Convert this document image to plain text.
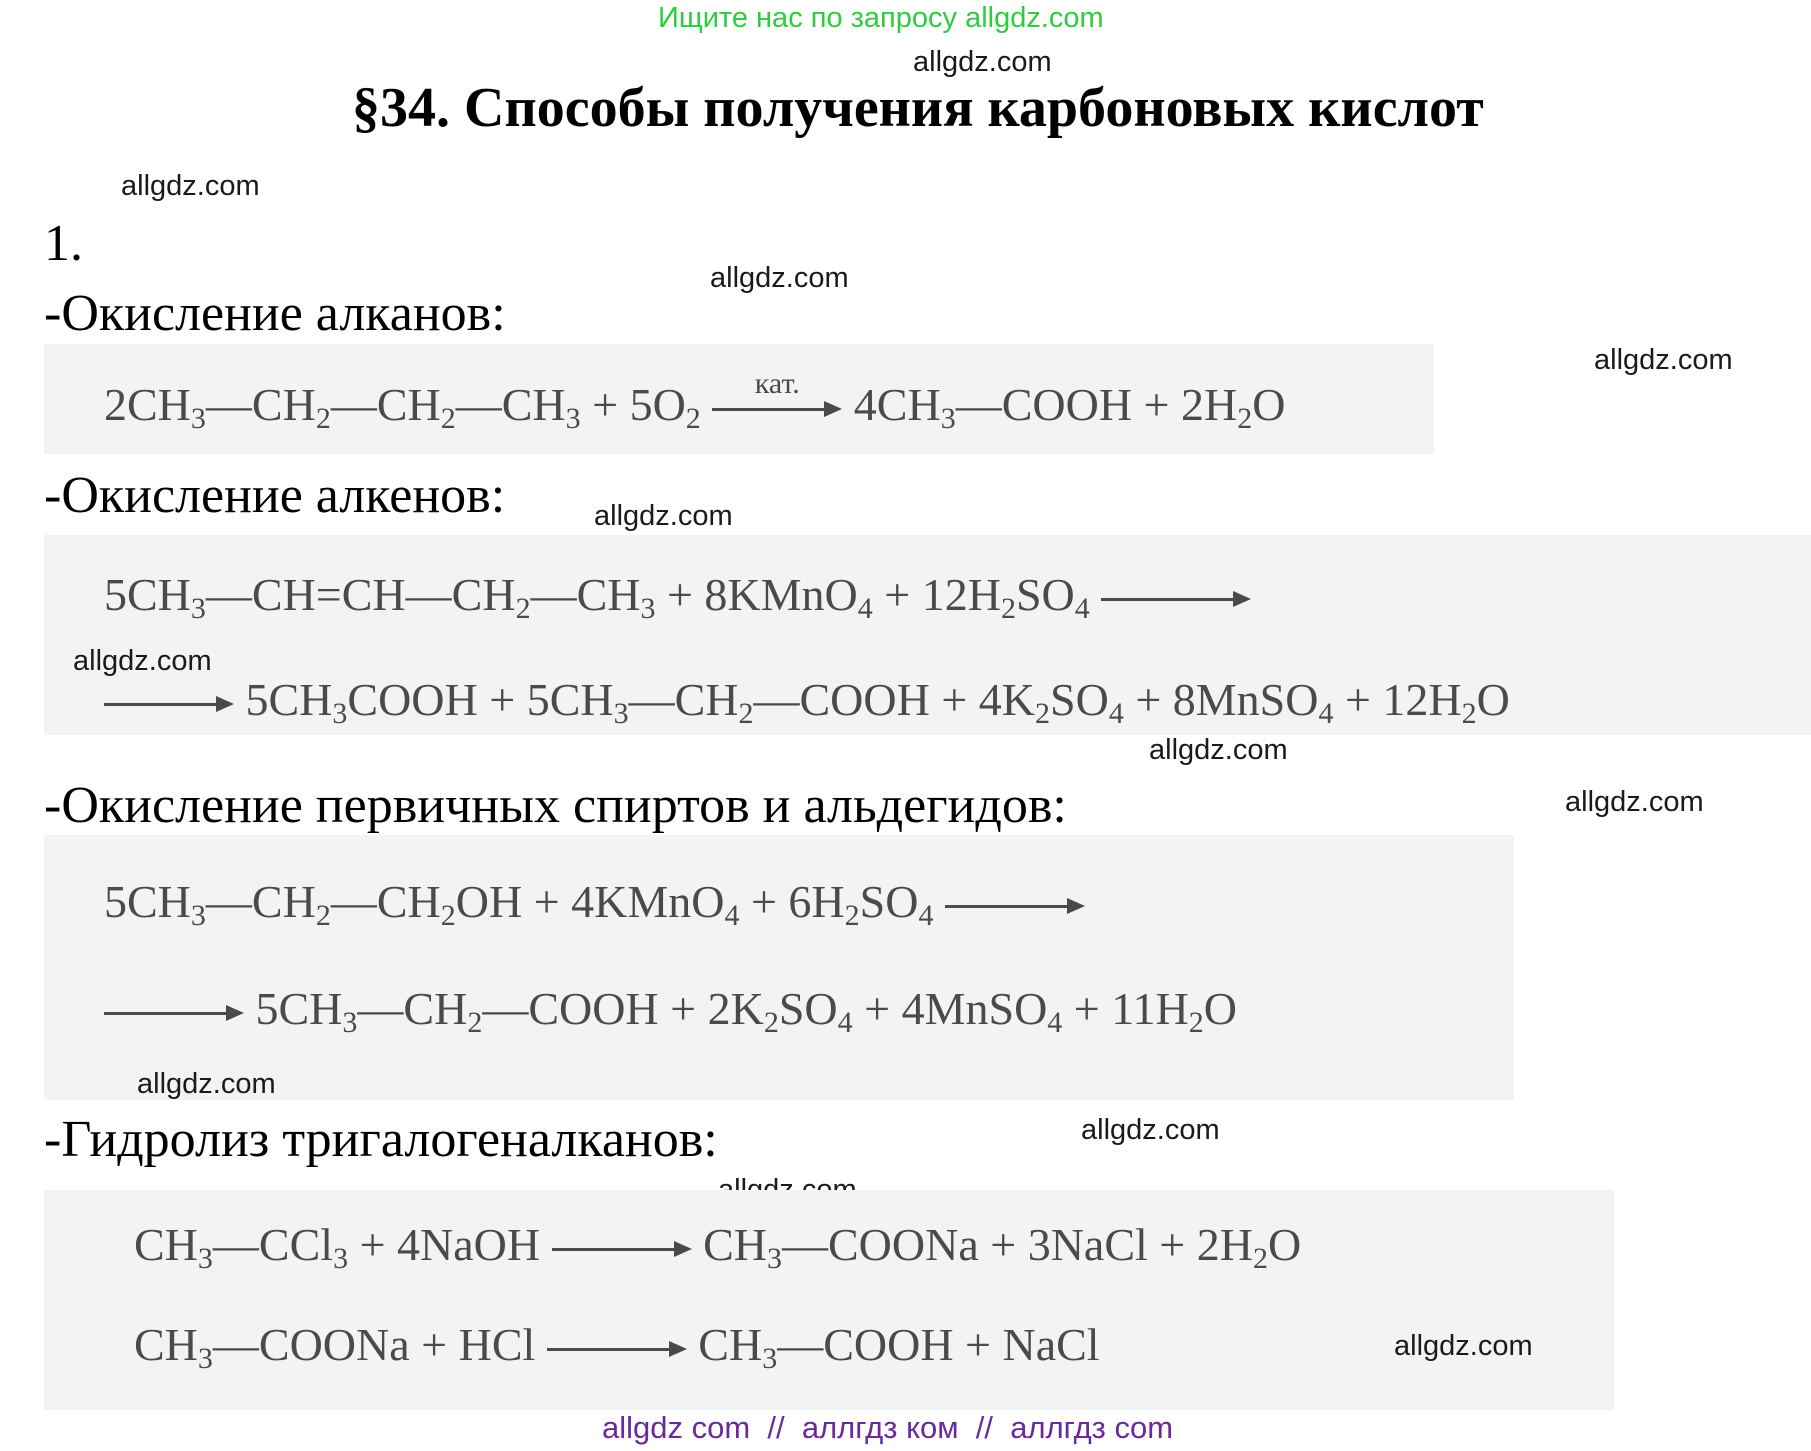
Ищите нас по запросу allgdz.com
allgdz.com
§34. Способы получения карбоновых кислот
allgdz.com
1.
allgdz.com
-Окисление алканов:
allgdz.com
$2CH_3—CH_2—CH_2—CH_3 + 5O_2$
кат. $4CH_3—COOH + 2H_2O$
-Окисление алкенов:	allgdz.com
$5CH_3—CH=CH—CH_2—CH_3$ + 8KMnO$_4$ + $12H_2SO_4$
allgdz.com
$5CH_3COOH$ + $5CH_3—CH_2—COOH + 4K_2SO_4$ + 8MnSO$_4$ + $12H_2O$
allgdz.com
-Окисление первичных спиртов и альдегидов:	allgdz.com
$5CH_3—CH_2—CH_2OH$ + 4KMnO$_4$ + $6H_2SO_4$
$5CH_3—CH_2—COOH + 2K_2SO_4$ + 4MnSO$_4$ + $11H_2O$
allgdz.com
-Гидролиз тригалогеналканов:	allgdz.com
$CH_3—CCl_3$ + 4NaOH	$CH_3—COONa$ + 3NaCl + $2H_2O$
$CH_3—COONa$ + HCl	$CH_3—COOH$ + NaCl	allgdz.com
allgdz com  //  аллгдз ком  //  аллгдз com
